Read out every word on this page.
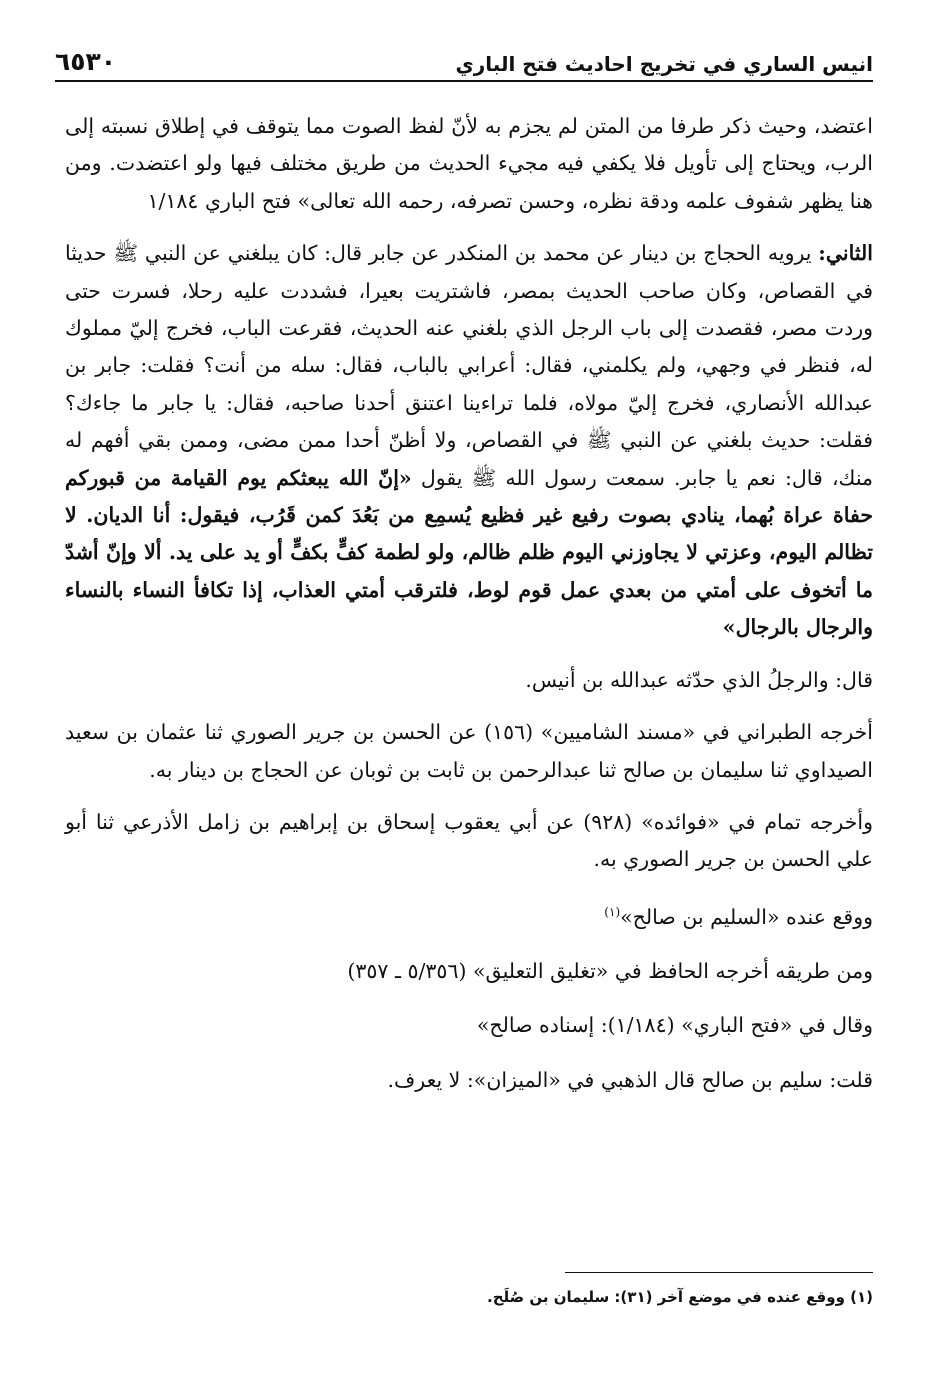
٦٥٣٠	انيس الساري في تخريج احاديث فتح الباري

اعتضد، وحيث ذكر طرفا من المتن لم يجزم به لأنّ لفظ الصوت مما يتوقف في إطلاق نسبته إلى الرب، ويحتاج إلى تأويل فلا يكفي فيه مجيء الحديث من طريق مختلف فيها ولو اعتضدت. ومن هنا يظهر شفوف علمه ودقة نظره، وحسن تصرفه، رحمه الله تعالى» فتح الباري ١/١٨٤

الثاني: يرويه الحجاج بن دينار عن محمد بن المنكدر عن جابر قال: كان يبلغني عن النبي ﷺ حديثا في القصاص، وكان صاحب الحديث بمصر، فاشتريت بعيرا، فشددت عليه رحلا، فسرت حتى وردت مصر، فقصدت إلى باب الرجل الذي بلغني عنه الحديث، فقرعت الباب، فخرج إليّ مملوك له، فنظر في وجهي، ولم يكلمني، فقال: أعرابي بالباب، فقال: سله من أنت؟ فقلت: جابر بن عبدالله الأنصاري، فخرج إليّ مولاه، فلما تراءينا اعتنق أحدنا صاحبه، فقال: يا جابر ما جاءك؟ فقلت: حديث بلغني عن النبي ﷺ في القصاص، ولا أظنّ أحدا ممن مضى، وممن بقي أفهم له منك، قال: نعم يا جابر. سمعت رسول الله ﷺ يقول «إنّ الله يبعثكم يوم القيامة من قبوركم حفاة عراة بُهما، ينادي بصوت رفيع غير فظيع يُسمِع من بَعُدَ كمن قَرُب، فيقول: أنا الديان. لا تظالم اليوم، وعزتي لا يجاوزني اليوم ظلم ظالم، ولو لطمة كفٍّ بكفٍّ أو يد على يد. ألا وإنّ أشدّ ما أتخوف على أمتي من بعدي عمل قوم لوط، فلترقب أمتي العذاب، إذا تكافأ النساء بالنساء والرجال بالرجال»

قال: والرجلُ الذي حدّثه عبدالله بن أنيس.

أخرجه الطبراني في «مسند الشاميين» (١٥٦) عن الحسن بن جرير الصوري ثنا عثمان بن سعيد الصيداوي ثنا سليمان بن صالح ثنا عبدالرحمن بن ثابت بن ثوبان عن الحجاج بن دينار به.

وأخرجه تمام في «فوائده» (٩٢٨) عن أبي يعقوب إسحاق بن إبراهيم بن زامل الأذرعي ثنا أبو علي الحسن بن جرير الصوري به.

ووقع عنده «السليم بن صالح»$^{(١)}$

ومن طريقه أخرجه الحافظ في «تغليق التعليق» (٥/٣٥٦ ـ ٣٥٧)

وقال في «فتح الباري» (١/١٨٤): إسناده صالح»

قلت: سليم بن صالح قال الذهبي في «الميزان»: لا يعرف.

(١) ووقع عنده في موضع آخر (٣١): سليمان بن صُلَح.
